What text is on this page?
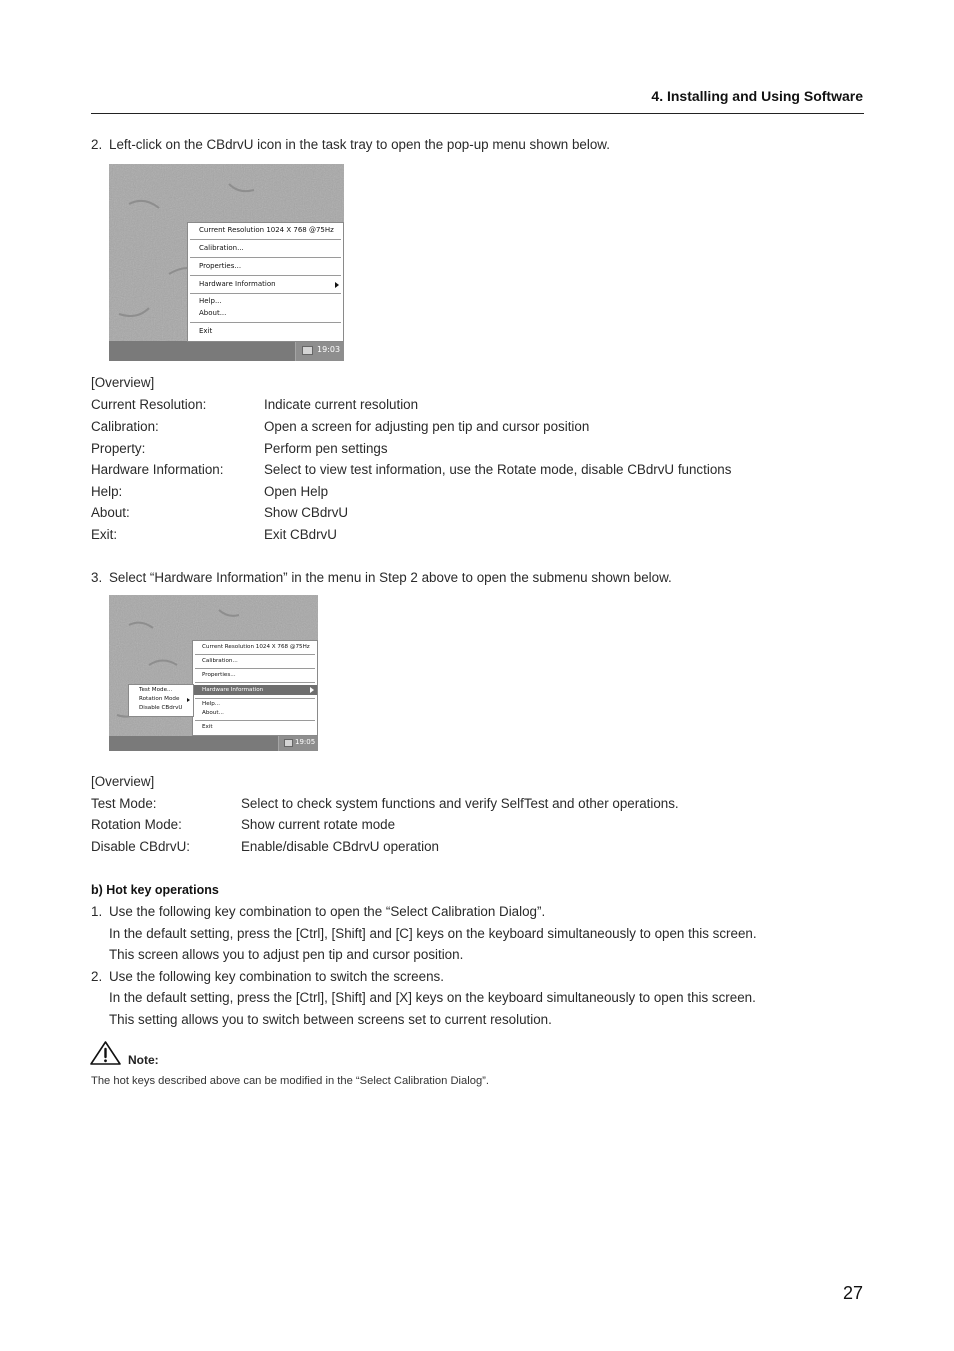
4. Installing and Using Software
2. Left-click on the CBdrvU icon in the task tray to open the pop-up menu shown below.
19:03
Current Resolution 1024 X 768 @75Hz
Calibration...
Properties...
Hardware Information
Help...
About...
Exit
[Overview]
Current Resolution:	Indicate current resolution
Calibration:	Open a screen for adjusting pen tip and cursor position
Property:	Perform pen settings
Hardware Information:	Select to view test information, use the Rotate mode, disable CBdrvU functions
Help:	Open Help
About:	Show CBdrvU
Exit:	Exit CBdrvU
3. Select “Hardware Information” in the menu in Step 2 above to open the submenu shown below.
19:05
Current Resolution 1024 X 768 @75Hz
Calibration...
Properties...
Hardware Information
Help...
About...
Exit
Test Mode...
Rotation Mode
Disable CBdrvU
[Overview]
Test Mode:	Select to check system functions and verify SelfTest and other operations.
Rotation Mode:	Show current rotate mode
Disable CBdrvU:	Enable/disable CBdrvU operation
b) Hot key operations
1. Use the following key combination to open the “Select Calibration Dialog”.
In the default setting, press the [Ctrl], [Shift] and [C] keys on the keyboard simultaneously to open this screen.
This screen allows you to adjust pen tip and cursor position.
2. Use the following key combination to switch the screens.
In the default setting, press the [Ctrl], [Shift] and [X] keys on the keyboard simultaneously to open this screen.
This setting allows you to switch between screens set to current resolution.
Note:
The hot keys described above can be modified in the “Select Calibration Dialog”.
27
